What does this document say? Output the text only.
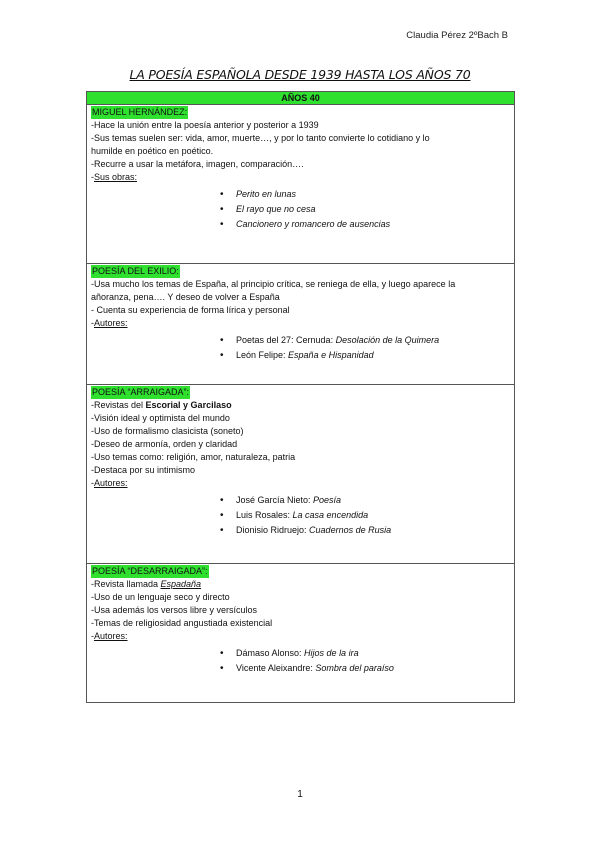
Claudia Pérez 2ºBach B
LA POESÍA ESPAÑOLA DESDE 1939 HASTA LOS AÑOS 70
AÑOS 40

MIGUEL HERNÁNDEZ:
-Hace la unión entre la poesía anterior y posterior a 1939
-Sus temas suelen ser: vida, amor, muerte…, y por lo tanto convierte lo cotidiano y lo
humilde en poético en poético.
-Recurre a usar la metáfora, imagen, comparación….
-Sus obras:
• Perito en lunas
• El rayo que no cesa
• Cancionero y romancero de ausencias

POESÍA DEL EXILIO:
-Usa mucho los temas de España, al principio crítica, se reniega de ella, y luego aparece la
añoranza, pena…. Y deseo de volver a España
- Cuenta su experiencia de forma lírica y personal
-Autores:
• Poetas del 27: Cernuda: Desolación de la Quimera
• León Felipe: España e Hispanidad

POESÍA “ARRAIGADA”:
-Revistas del Escorial y Garcilaso
-Visión ideal y optimista del mundo
-Uso de formalismo clasicista (soneto)
-Deseo de armonía, orden y claridad
-Uso temas como: religión, amor, naturaleza, patria
-Destaca por su intimismo
-Autores:
• José García Nieto: Poesía
• Luis Rosales: La casa encendida
• Dionisio Ridruejo: Cuadernos de Rusia

POESÍA “DESARRAIGADA”:
-Revista llamada Espadaña
-Uso de un lenguaje seco y directo
-Usa además los versos libre y versículos
-Temas de religiosidad angustiada existencial
-Autores:
• Dámaso Alonso: Hijos de la ira
• Vicente Aleixandre: Sombra del paraíso
1
